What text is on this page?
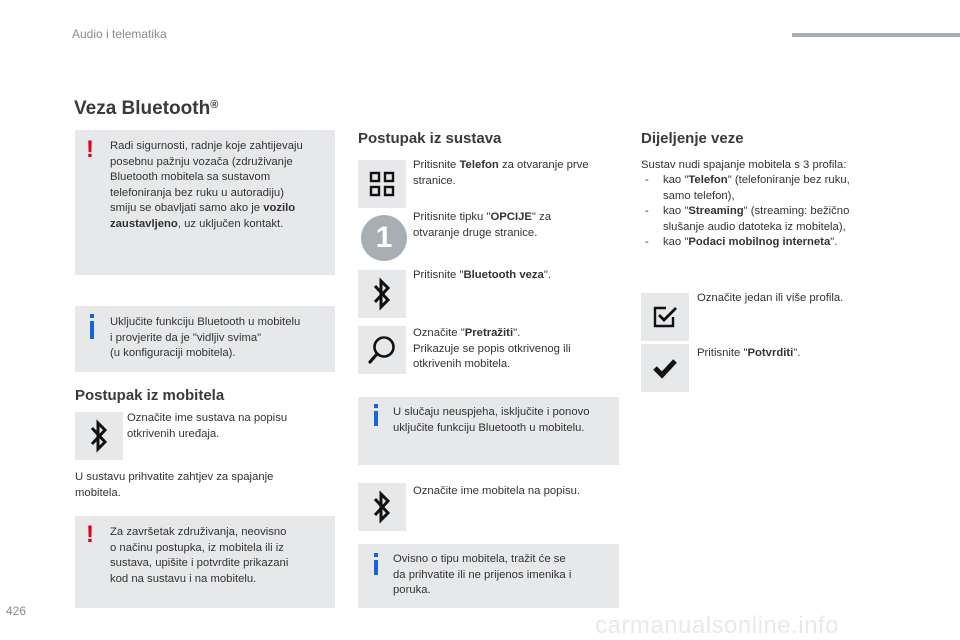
Audio i telematika
Veza Bluetooth®
! Radi sigurnosti, radnje koje zahtijevaju
posebnu pažnju vozača (združivanje
Bluetooth mobitela sa sustavom
telefoniranja bez ruku u autoradiju)
smiju se obavljati samo ako je vozilo
zaustavljeno, uz uključen kontakt.
Uključite funkciju Bluetooth u mobitelu
i provjerite da je "vidljiv svima"
(u konfiguraciji mobitela).
Postupak iz mobitela
Označite ime sustava na popisu
otkrivenih uređaja.
U sustavu prihvatite zahtjev za spajanje
mobitela.
! Za završetak združivanja, neovisno
o načinu postupka, iz mobitela ili iz
sustava, upišite i potvrdite prikazani
kod na sustavu i na mobitelu.
Postupak iz sustava
Pritisnite Telefon za otvaranje prve
stranice.
1
Pritisnite tipku "OPCIJE" za
otvaranje druge stranice.
Pritisnite "Bluetooth veza".
Označite "Pretražiti".
Prikazuje se popis otkrivenog ili
otkrivenih mobitela.
U slučaju neuspjeha, isključite i ponovo
uključite funkciju Bluetooth u mobitelu.
Označite ime mobitela na popisu.
Ovisno o tipu mobitela, tražit će se
da prihvatite ili ne prijenos imenika i
poruka.
Dijeljenje veze
Sustav nudi spajanje mobitela s 3 profila:
- kao "Telefon" (telefoniranje bez ruku,
samo telefon),
- kao "Streaming" (streaming: bežično
slušanje audio datoteka iz mobitela),
- kao "Podaci mobilnog interneta".
Označite jedan ili više profila.
Pritisnite "Potvrditi".
426
carmanualsonline.info
